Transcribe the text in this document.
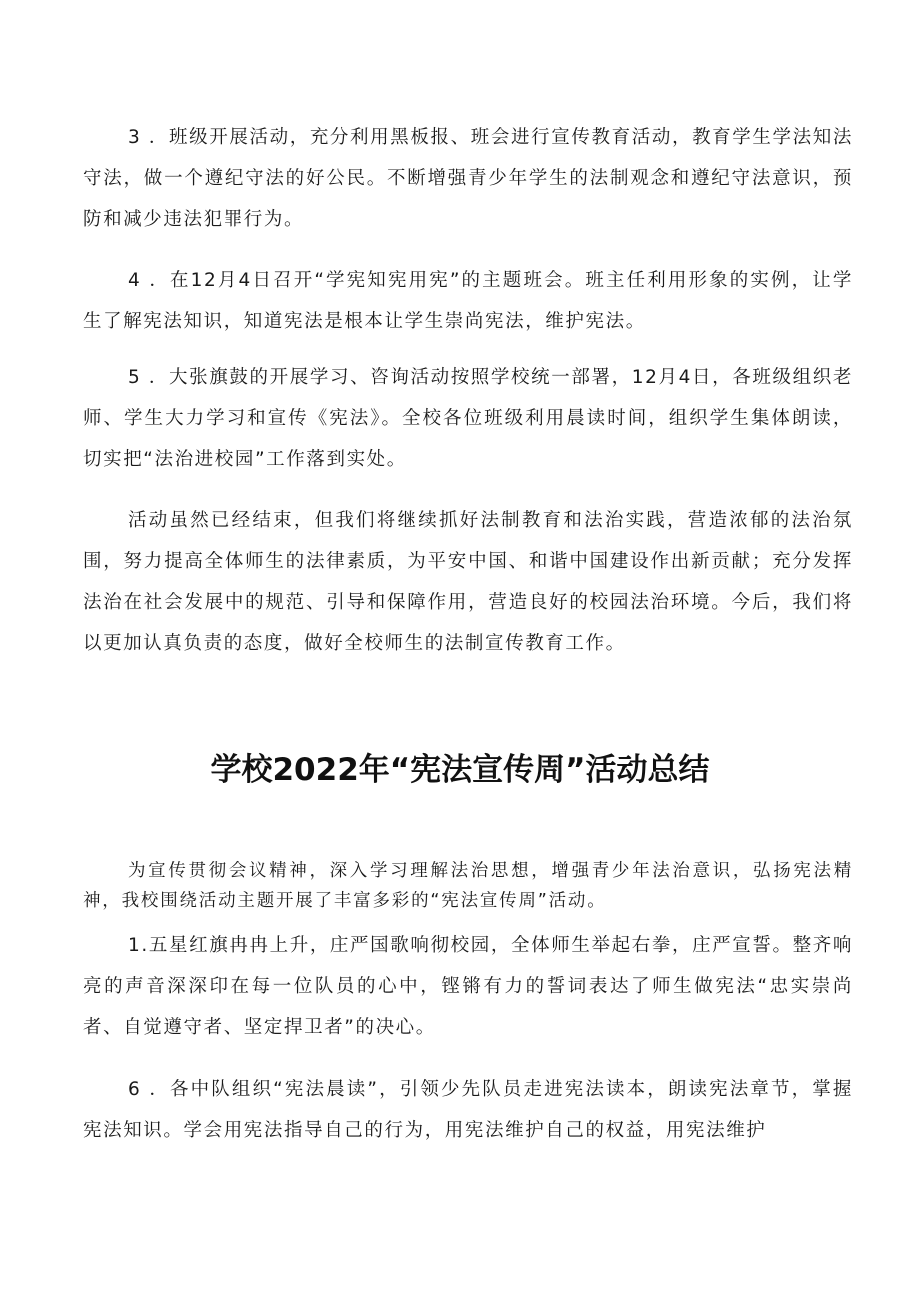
3 ．班级开展活动，充分利用黑板报、班会进行宣传教育活动，教育学生学法知法守法，做一个遵纪守法的好公民。不断增强青少年学生的法制观念和遵纪守法意识，预防和减少违法犯罪行为。

4 ．在12月4日召开“学宪知宪用宪”的主题班会。班主任利用形象的实例，让学生了解宪法知识，知道宪法是根本让学生崇尚宪法，维护宪法。

5 ．大张旗鼓的开展学习、咨询活动按照学校统一部署，12月4日，各班级组织老师、学生大力学习和宣传《宪法》。全校各位班级利用晨读时间，组织学生集体朗读，切实把“法治进校园”工作落到实处。

活动虽然已经结束，但我们将继续抓好法制教育和法治实践，营造浓郁的法治氛围，努力提高全体师生的法律素质，为平安中国、和谐中国建设作出新贡献；充分发挥法治在社会发展中的规范、引导和保障作用，营造良好的校园法治环境。今后，我们将以更加认真负责的态度，做好全校师生的法制宣传教育工作。

学校2022年“宪法宣传周”活动总结

为宣传贯彻会议精神，深入学习理解法治思想，增强青少年法治意识，弘扬宪法精神，我校围绕活动主题开展了丰富多彩的“宪法宣传周”活动。

1.五星红旗冉冉上升，庄严国歌响彻校园，全体师生举起右拳，庄严宣誓。整齐响亮的声音深深印在每一位队员的心中，铿锵有力的誓词表达了师生做宪法“忠实崇尚者、自觉遵守者、坚定捍卫者”的决心。

6 ．各中队组织“宪法晨读”，引领少先队员走进宪法读本，朗读宪法章节，掌握宪法知识。学会用宪法指导自己的行为，用宪法维护自己的权益，用宪法维护
